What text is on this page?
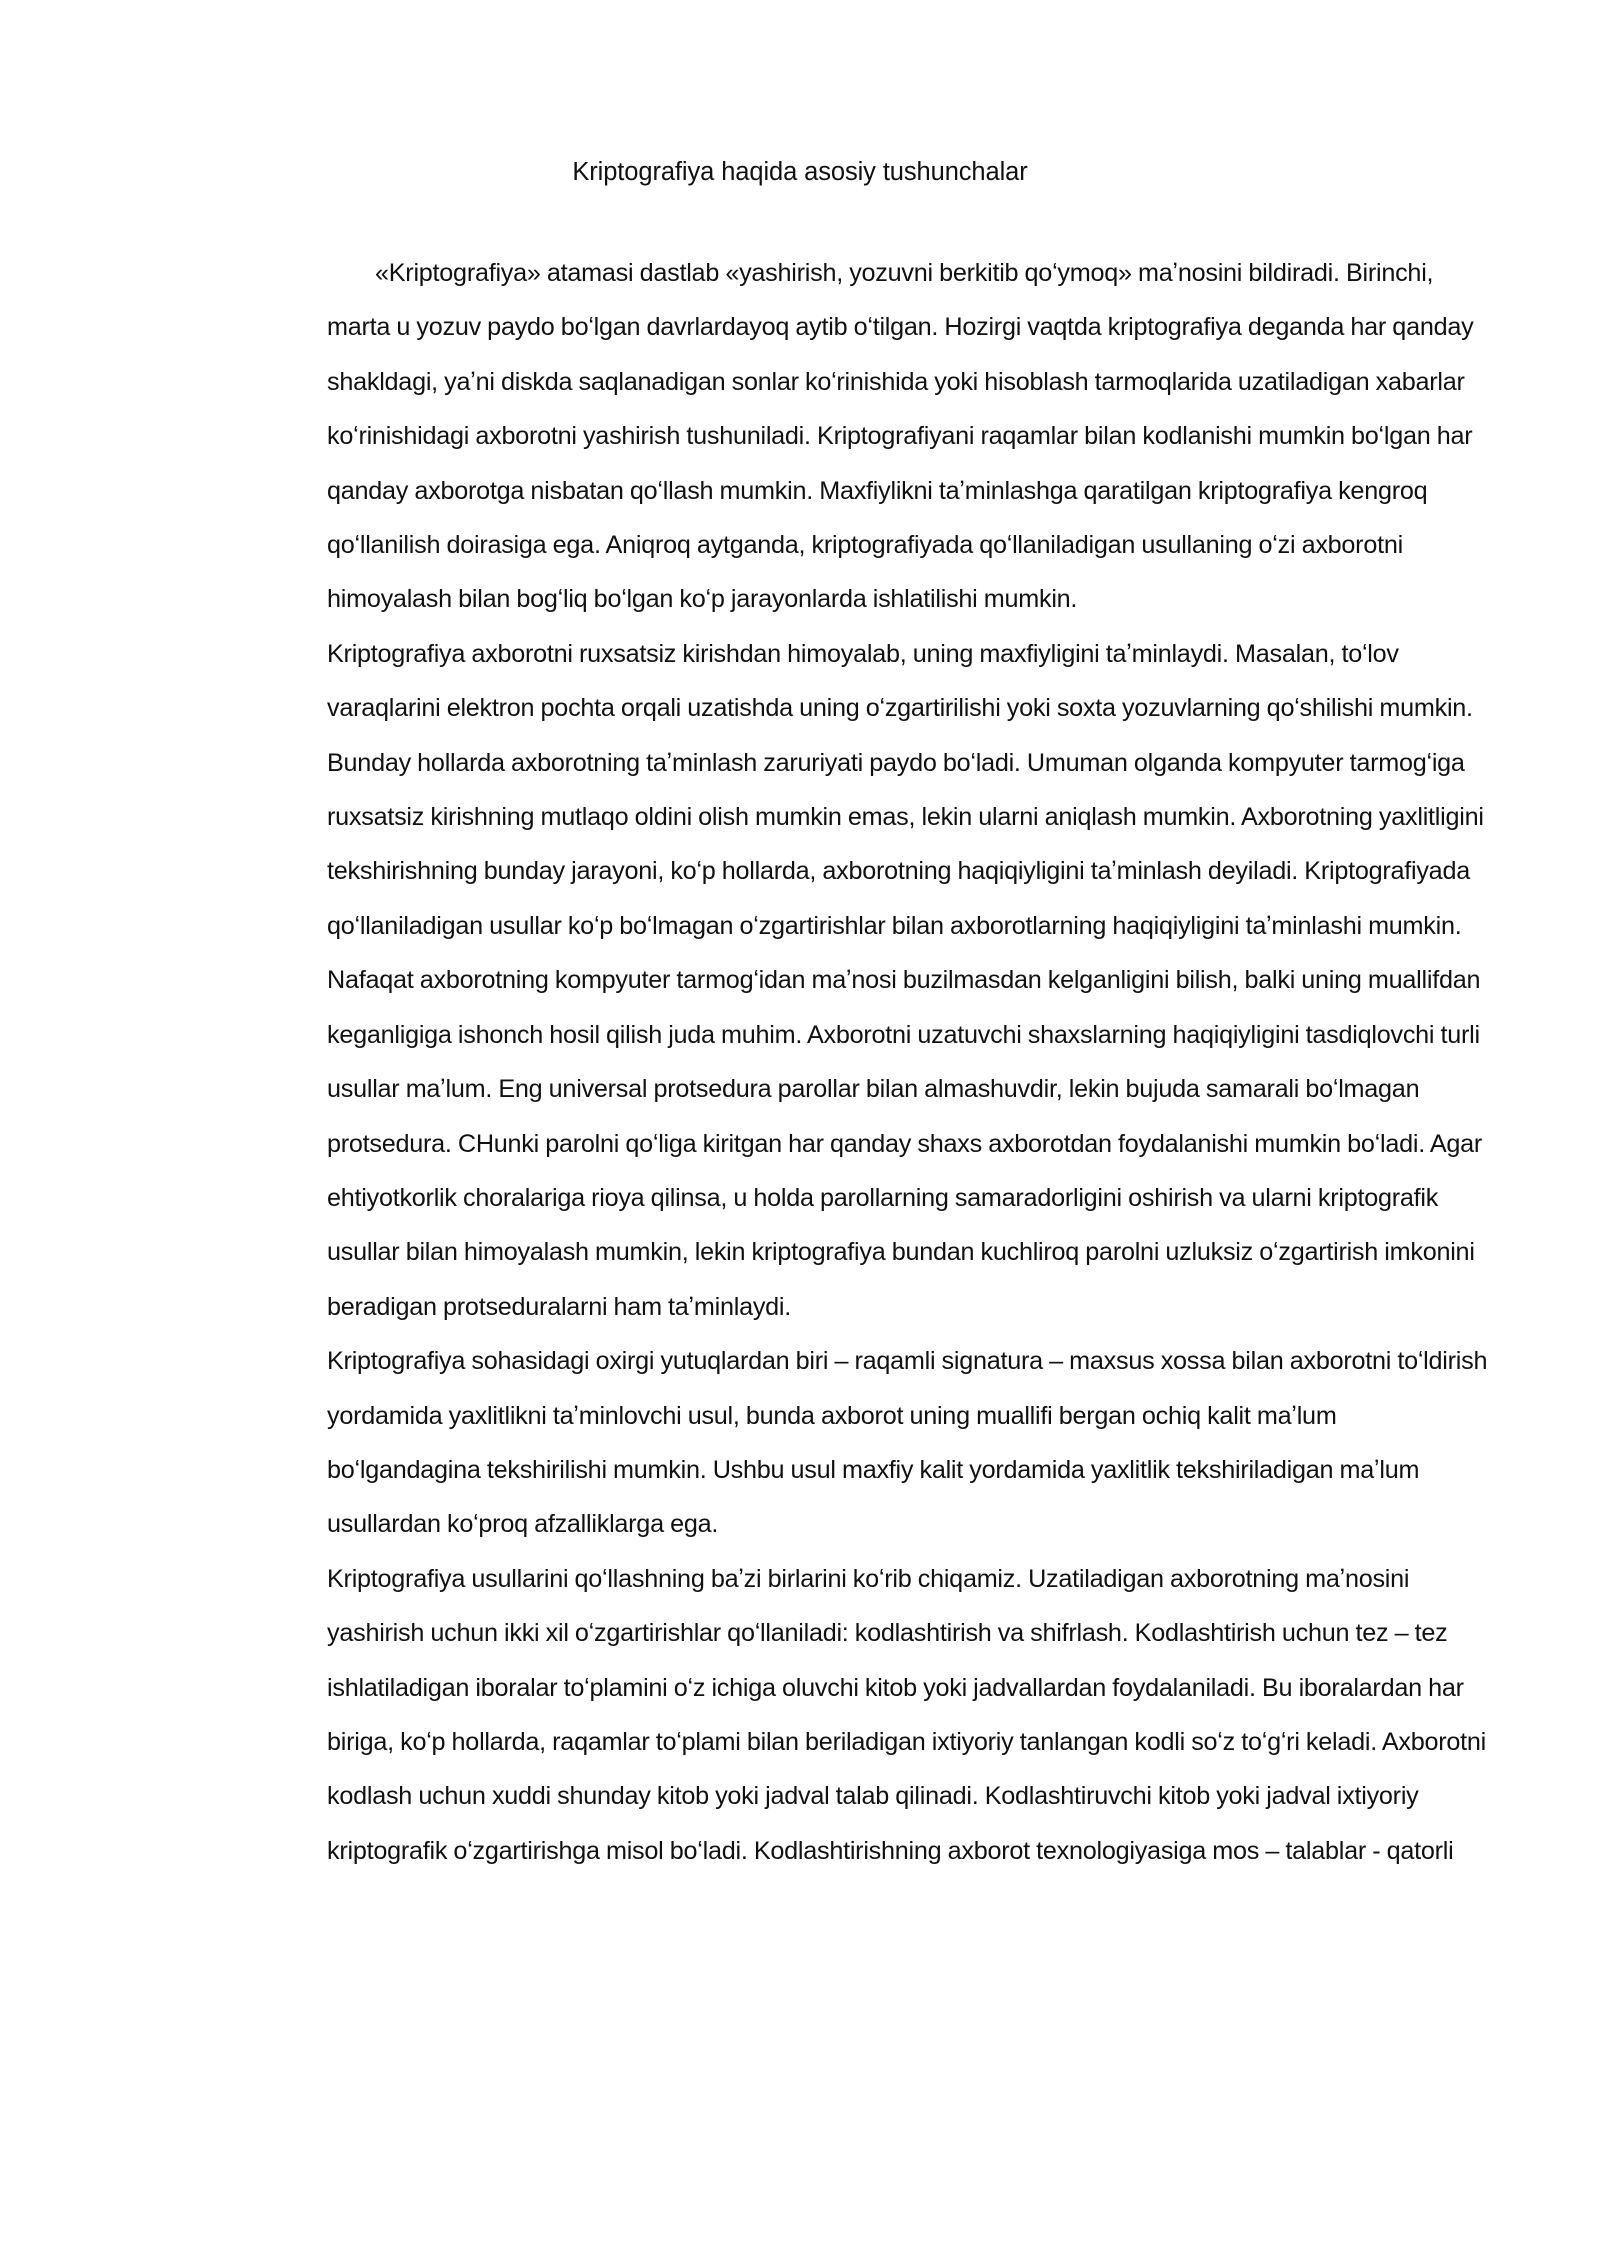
Kriptografiya haqida asosiy tushunchalar

«Kriptografiya» atamasi dastlab «yashirish, yozuvni berkitib qoʻymoq» maʼnosini bildiradi. Birinchi, marta u yozuv paydo boʻlgan davrlardayoq aytib oʻtilgan. Hozirgi vaqtda kriptografiya deganda har qanday shakldagi, yaʼni diskda saqlanadigan sonlar koʻrinishida yoki hisoblash tarmoqlarida uzatiladigan xabarlar koʻrinishidagi axborotni yashirish tushuniladi. Kriptografiyani raqamlar bilan kodlanishi mumkin boʻlgan har qanday axborotga nisbatan qoʻllash mumkin. Maxfiylikni taʼminlashga qaratilgan kriptografiya kengroq qoʻllanilish doirasiga ega. Aniqroq aytganda, kriptografiyada qoʻllaniladigan usullaning oʻzi axborotni himoyalash bilan bogʻliq boʻlgan koʻp jarayonlarda ishlatilishi mumkin.

Kriptografiya axborotni ruxsatsiz kirishdan himoyalab, uning maxfiyligini taʼminlaydi. Masalan, toʻlov varaqlarini elektron pochta orqali uzatishda uning oʻzgartirilishi yoki soxta yozuvlarning qoʻshilishi mumkin. Bunday hollarda axborotning taʼminlash zaruriyati paydo boʻladi. Umuman olganda kompyuter tarmogʻiga ruxsatsiz kirishning mutlaqo oldini olish mumkin emas, lekin ularni aniqlash mumkin. Axborotning yaxlitligini tekshirishning bunday jarayoni, koʻp hollarda, axborotning haqiqiyligini taʼminlash deyiladi. Kriptografiyada qoʻllaniladigan usullar koʻp boʻlmagan oʻzgartirishlar bilan axborotlarning haqiqiyligini taʼminlashi mumkin.

Nafaqat axborotning kompyuter tarmogʻidan maʼnosi buzilmasdan kelganligini bilish, balki uning muallifdan keganligiga ishonch hosil qilish juda muhim. Axborotni uzatuvchi shaxslarning haqiqiyligini tasdiqlovchi turli usullar maʼlum. Eng universal protsedura parollar bilan almashuvdir, lekin bujuda samarali boʻlmagan protsedura. CHunki parolni qoʻliga kiritgan har qanday shaxs axborotdan foydalanishi mumkin boʻladi. Agar ehtiyotkorlik choralariga rioya qilinsa, u holda parollarning samaradorligini oshirish va ularni kriptografik usullar bilan himoyalash mumkin, lekin kriptografiya bundan kuchliroq parolni uzluksiz oʻzgartirish imkonini beradigan protseduralarni ham taʼminlaydi.

Kriptografiya sohasidagi oxirgi yutuqlardan biri – raqamli signatura – maxsus xossa bilan axborotni toʻldirish yordamida yaxlitlikni taʼminlovchi usul, bunda axborot uning muallifi bergan ochiq kalit maʼlum boʻlgandagina tekshirilishi mumkin. Ushbu usul maxfiy kalit yordamida yaxlitlik tekshiriladigan maʼlum usullardan koʻproq afzalliklarga ega.

Kriptografiya usullarini qoʻllashning baʼzi birlarini koʻrib chiqamiz. Uzatiladigan axborotning maʼnosini yashirish uchun ikki xil oʻzgartirishlar qoʻllaniladi: kodlashtirish va shifrlash. Kodlashtirish uchun tez – tez ishlatiladigan iboralar toʻplamini oʻz ichiga oluvchi kitob yoki jadvallardan foydalaniladi. Bu iboralardan har biriga, koʻp hollarda, raqamlar toʻplami bilan beriladigan ixtiyoriy tanlangan kodli soʻz toʻgʻri keladi. Axborotni kodlash uchun xuddi shunday kitob yoki jadval talab qilinadi. Kodlashtiruvchi kitob yoki jadval ixtiyoriy kriptografik oʻzgartirishga misol boʻladi. Kodlashtirishning axborot texnologiyasiga mos – talablar - qatorli
